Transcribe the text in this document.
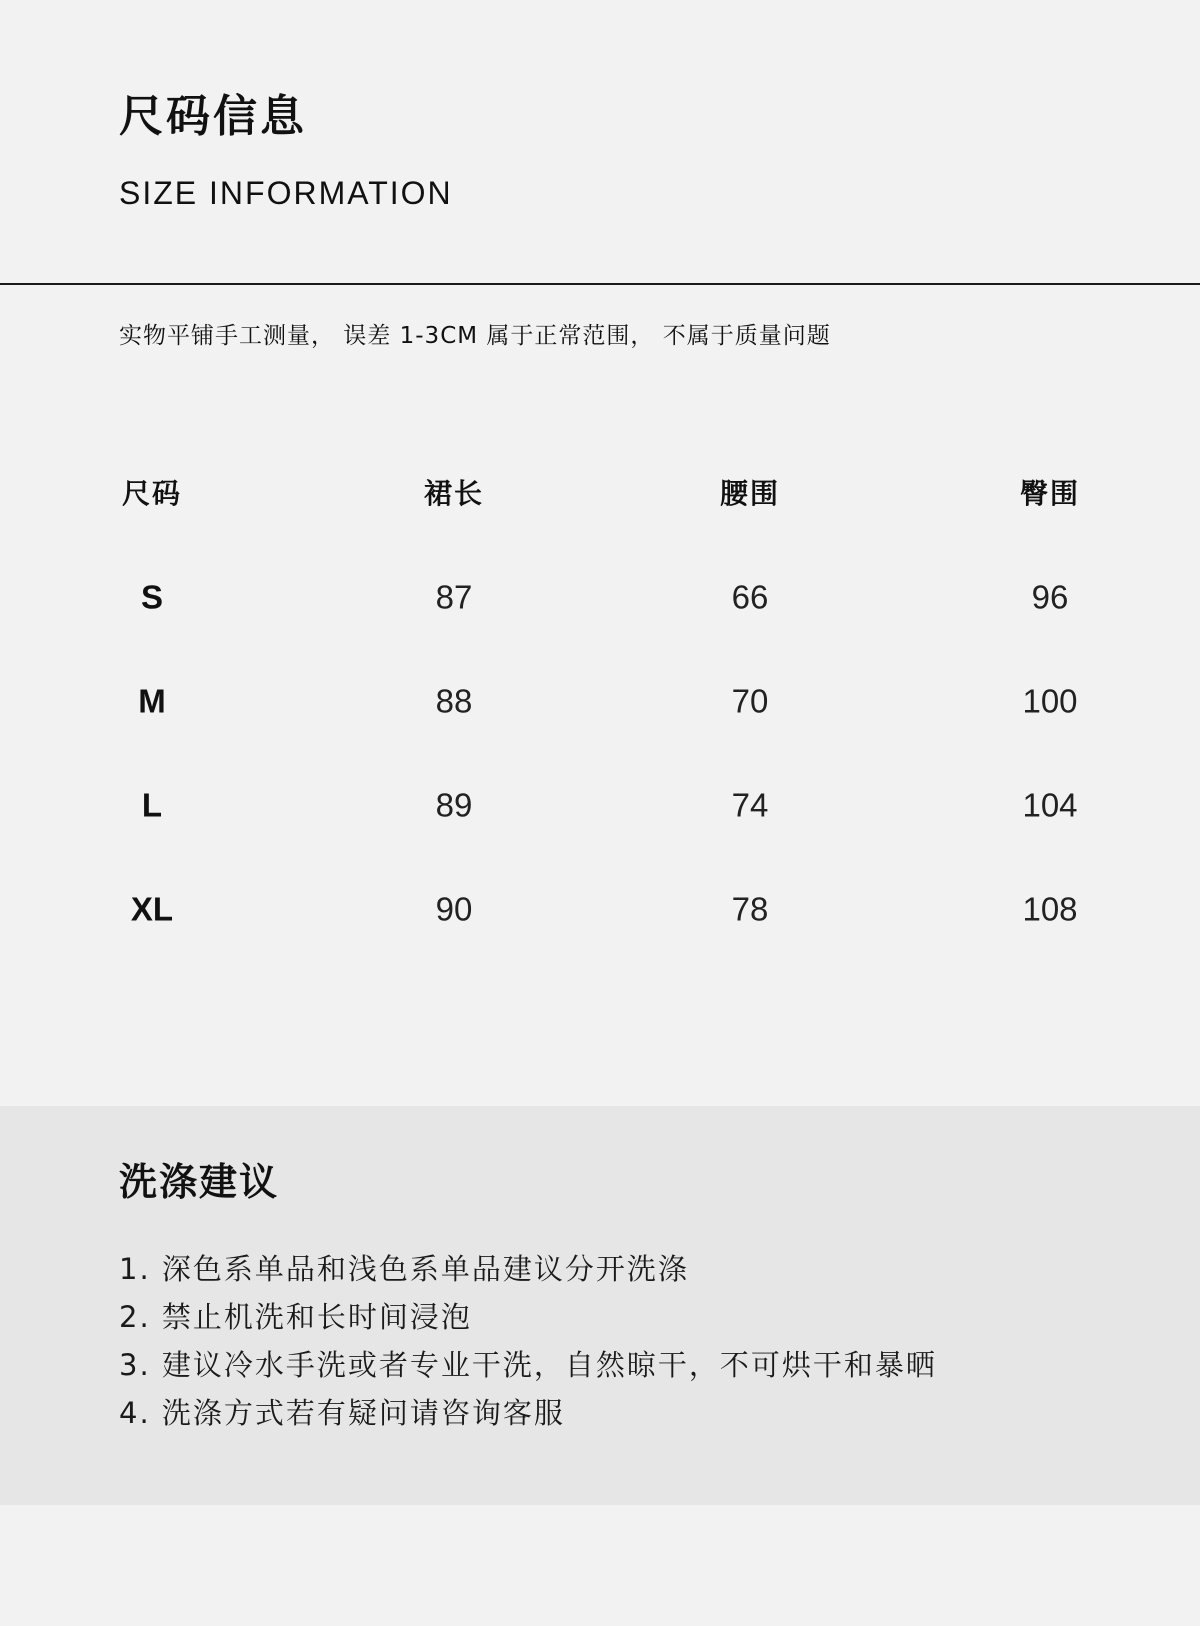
尺码信息
SIZE INFORMATION
实物平铺手工测量， 误差 1-3CM 属于正常范围， 不属于质量问题
尺码	裙长	腰围	臀围
S	87	66	96
M	88	70	100
L	89	74	104
XL	90	78	108
洗涤建议
1. 深色系单品和浅色系单品建议分开洗涤
2. 禁止机洗和长时间浸泡
3. 建议冷水手洗或者专业干洗，自然晾干，不可烘干和暴晒
4. 洗涤方式若有疑问请咨询客服
